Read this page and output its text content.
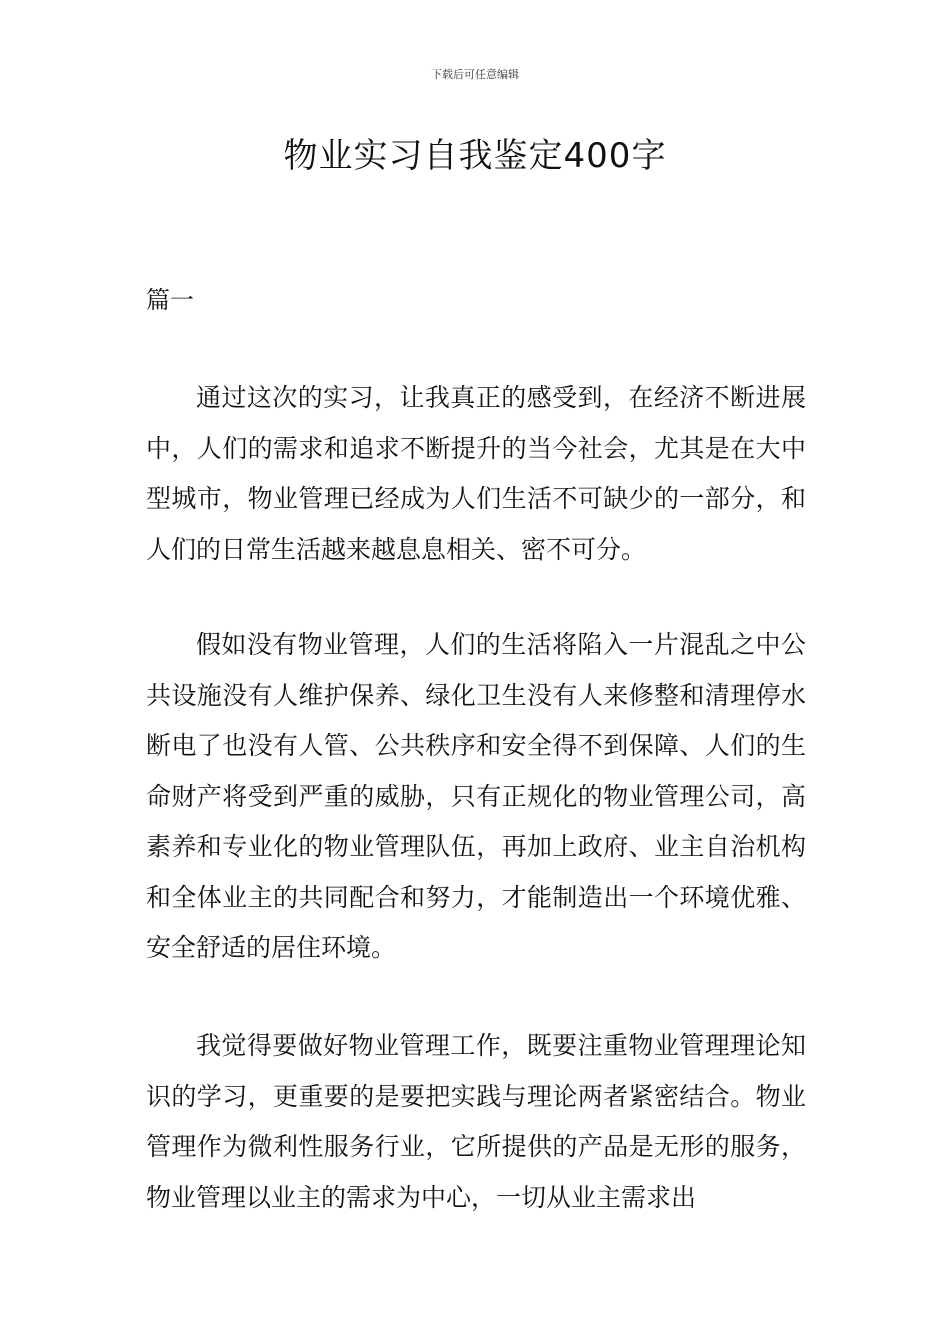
下载后可任意编辑
物业实习自我鉴定400字

篇一

通过这次的实习，让我真正的感受到，在经济不断进展中，人们的需求和追求不断提升的当今社会，尤其是在大中型城市，物业管理已经成为人们生活不可缺少的一部分，和人们的日常生活越来越息息相关、密不可分。

假如没有物业管理，人们的生活将陷入一片混乱之中公共设施没有人维护保养、绿化卫生没有人来修整和清理停水断电了也没有人管、公共秩序和安全得不到保障、人们的生命财产将受到严重的威胁，只有正规化的物业管理公司，高素养和专业化的物业管理队伍，再加上政府、业主自治机构和全体业主的共同配合和努力，才能制造出一个环境优雅、安全舒适的居住环境。

我觉得要做好物业管理工作，既要注重物业管理理论知识的学习，更重要的是要把实践与理论两者紧密结合。物业管理作为微利性服务行业，它所提供的产品是无形的服务，物业管理以业主的需求为中心，一切从业主需求出
